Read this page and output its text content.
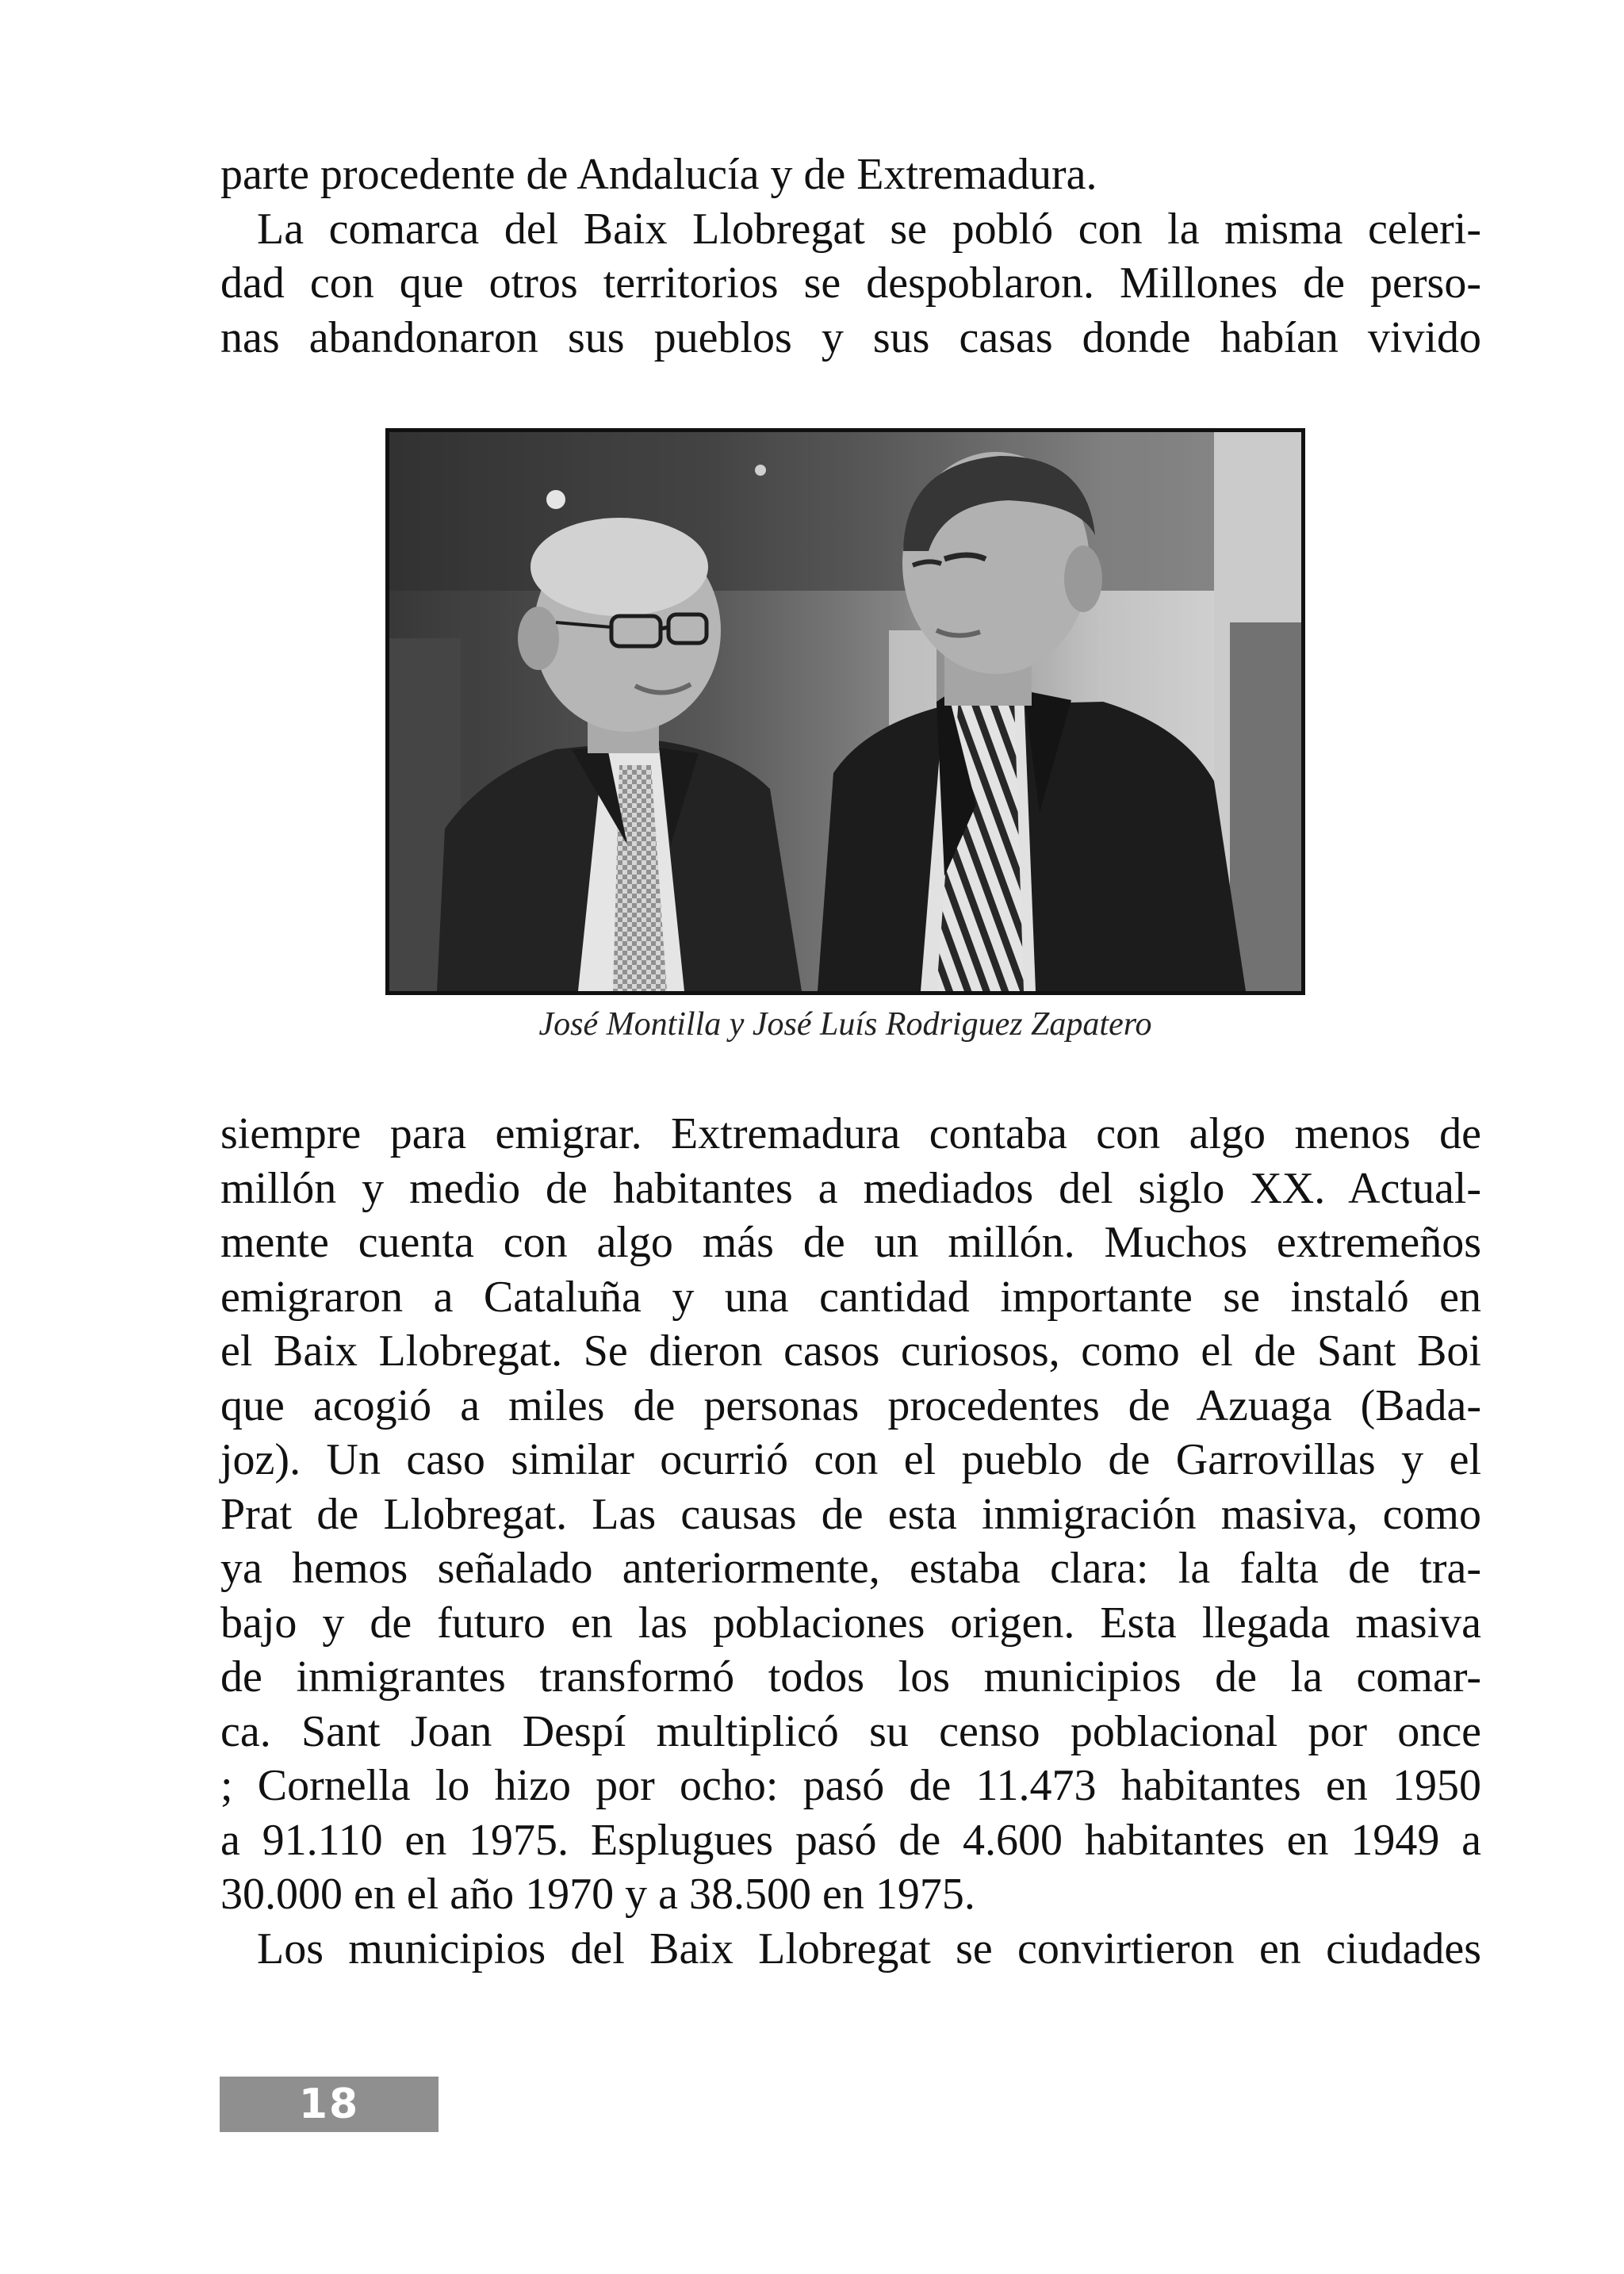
parte procedente de Andalucía y de Extremadura.

La comarca del Baix Llobregat se pobló con la misma celeri-

dad con que otros territorios se despoblaron. Millones de perso-

nas abandonaron sus pueblos y sus casas donde habían vivido

José Montilla y José Luís Rodriguez Zapatero

siempre para emigrar. Extremadura contaba con algo menos de

millón y medio de habitantes a mediados del siglo XX. Actual-

mente cuenta con algo más de un millón. Muchos extremeños

emigraron a Cataluña y una cantidad importante se instaló en

el Baix Llobregat. Se dieron casos curiosos, como el de Sant Boi

que acogió a miles de personas procedentes de Azuaga (Bada-

joz). Un caso similar ocurrió con el pueblo de Garrovillas y el

Prat de Llobregat. Las causas de esta inmigración masiva, como

ya hemos señalado anteriormente, estaba clara: la falta de tra-

bajo y de futuro en las poblaciones origen. Esta llegada masiva

de inmigrantes transformó todos los municipios de la comar-

ca. Sant Joan Despí multiplicó su censo poblacional por once

; Cornella lo hizo por ocho: pasó de 11.473 habitantes en 1950

a 91.110 en 1975. Esplugues pasó de 4.600 habitantes en 1949 a

30.000 en el año 1970 y a 38.500 en 1975.

Los municipios del Baix Llobregat se convirtieron en ciudades

18
